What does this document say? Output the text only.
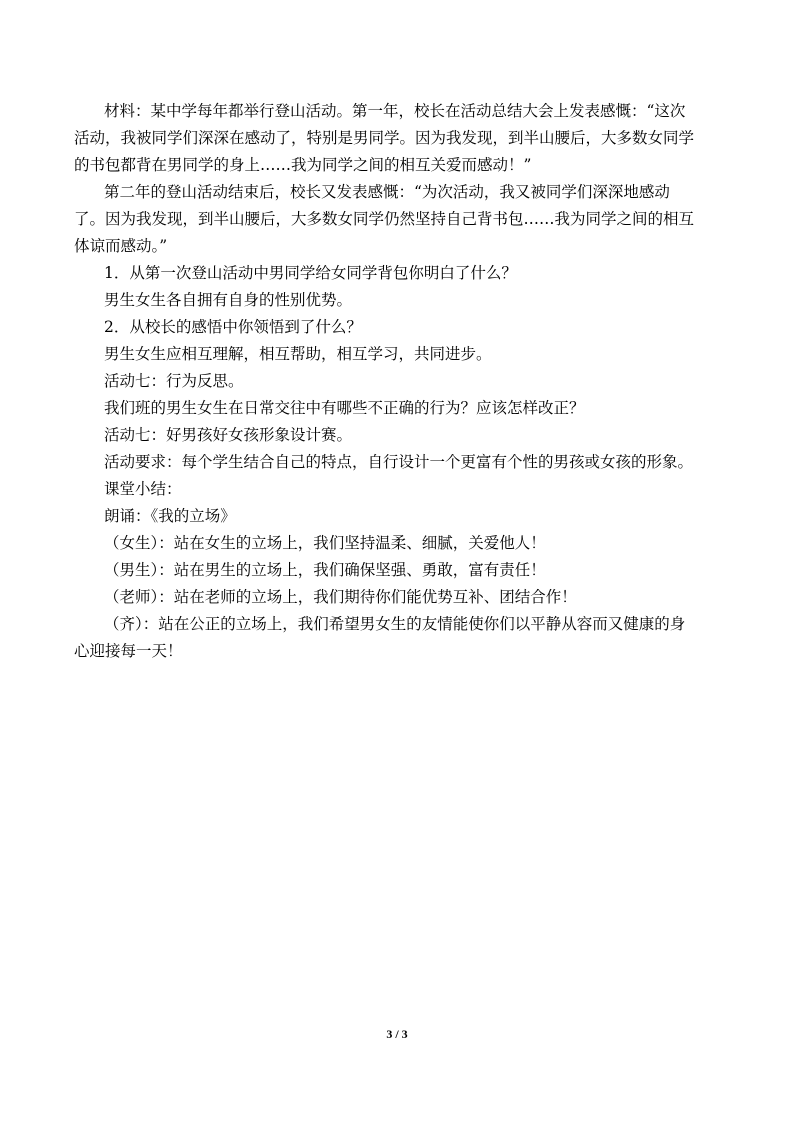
材料：某中学每年都举行登山活动。第一年，校长在活动总结大会上发表感慨：“这次活动，我被同学们深深在感动了，特别是男同学。因为我发现，到半山腰后，大多数女同学的书包都背在男同学的身上……我为同学之间的相互关爱而感动！”

第二年的登山活动结束后，校长又发表感慨：“为次活动，我又被同学们深深地感动了。因为我发现，到半山腰后，大多数女同学仍然坚持自己背书包……我为同学之间的相互体谅而感动。”

1．从第一次登山活动中男同学给女同学背包你明白了什么？

男生女生各自拥有自身的性别优势。

2．从校长的感悟中你领悟到了什么？

男生女生应相互理解，相互帮助，相互学习，共同进步。

活动七：行为反思。

我们班的男生女生在日常交往中有哪些不正确的行为？应该怎样改正？

活动七：好男孩好女孩形象设计赛。

活动要求：每个学生结合自己的特点，自行设计一个更富有个性的男孩或女孩的形象。

课堂小结：

朗诵：《我的立场》

（女生）：站在女生的立场上，我们坚持温柔、细腻，关爱他人！

（男生）：站在男生的立场上，我们确保坚强、勇敢，富有责任！

（老师）：站在老师的立场上，我们期待你们能优势互补、团结合作！

（齐）：站在公正的立场上，我们希望男女生的友情能使你们以平静从容而又健康的身心迎接每一天！

3 / 3
